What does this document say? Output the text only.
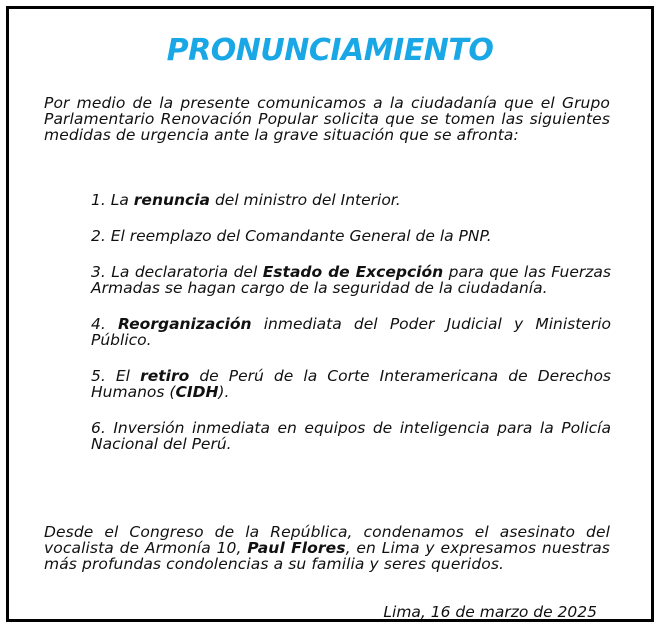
PRONUNCIAMIENTO
Por medio de la presente comunicamos a la ciudadanía que el Grupo Parlamentario Renovación Popular solicita que se tomen las siguientes medidas de urgencia ante la grave situación que se afronta:
1. La renuncia del ministro del Interior.
2. El reemplazo del Comandante General de la PNP.
3. La declaratoria del Estado de Excepción para que las Fuerzas Armadas se hagan cargo de la seguridad de la ciudadanía.
4. Reorganización inmediata del Poder Judicial y Ministerio Público.
5. El retiro de Perú de la Corte Interamericana de Derechos Humanos (CIDH).
6. Inversión inmediata en equipos de inteligencia para la Policía Nacional del Perú.
Desde el Congreso de la República, condenamos el asesinato del vocalista de Armonía 10, Paul Flores, en Lima y expresamos nuestras más profundas condolencias a su familia y seres queridos.
Lima, 16 de marzo de 2025
